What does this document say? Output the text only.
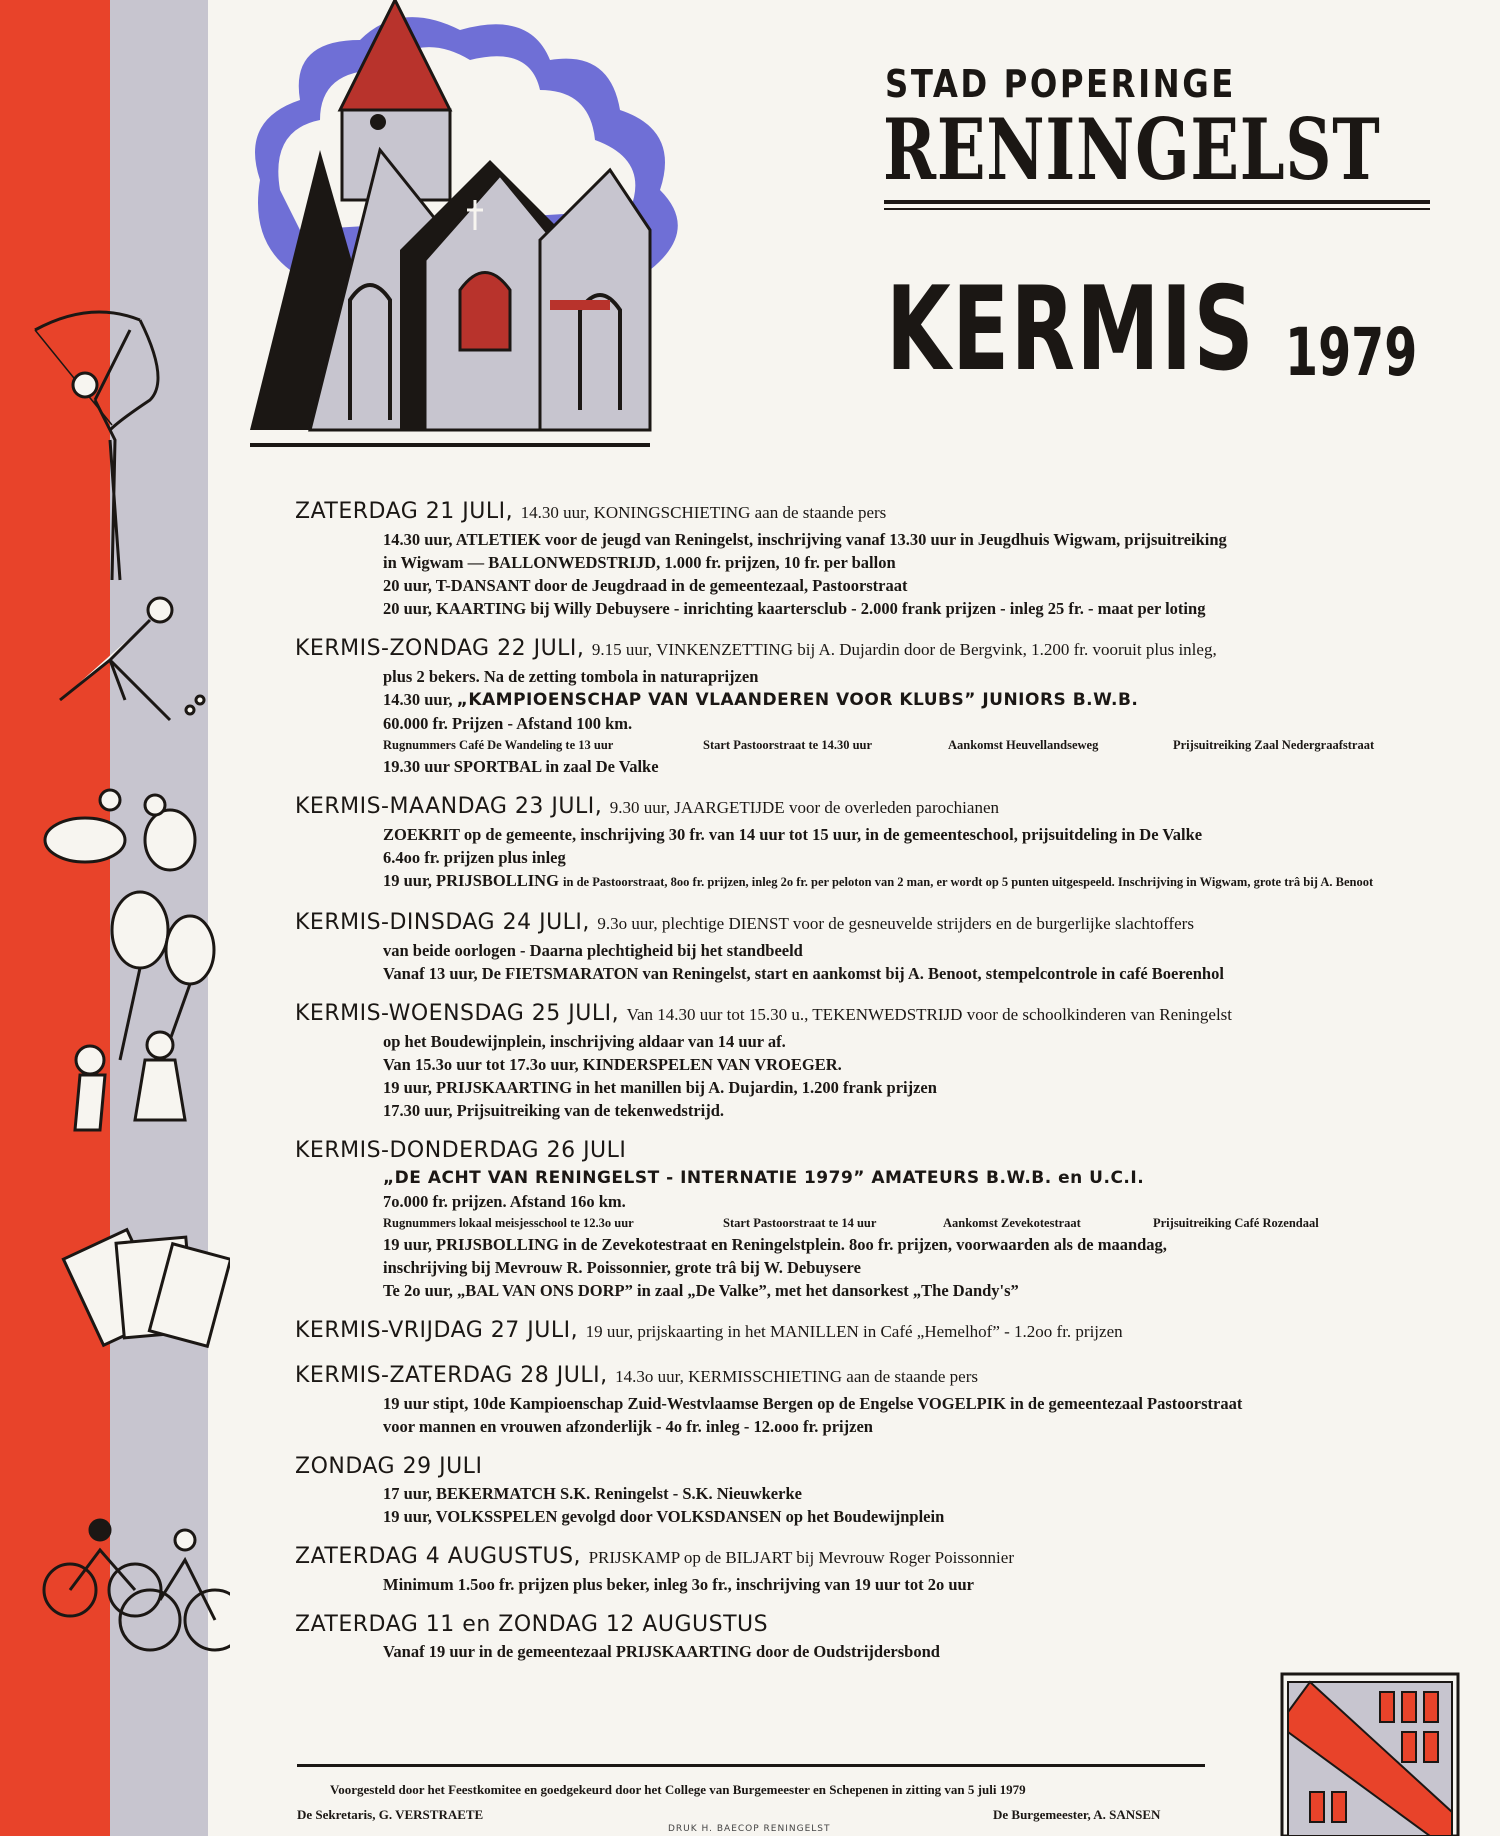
STAD POPERINGE
RENINGELST
KERMIS 1979
ZATERDAG 21 JULI, 14.30 uur, KONINGSCHIETING aan de staande pers
14.30 uur, ATLETIEK voor de jeugd van Reningelst, inschrijving vanaf 13.30 uur in Jeugdhuis Wigwam, prijsuitreiking
in Wigwam — BALLONWEDSTRIJD, 1.000 fr. prijzen, 10 fr. per ballon
20 uur, T-DANSANT door de Jeugdraad in de gemeentezaal, Pastoorstraat
20 uur, KAARTING bij Willy Debuysere - inrichting kaartersclub - 2.000 frank prijzen - inleg 25 fr. - maat per loting
KERMIS-ZONDAG 22 JULI, 9.15 uur, VINKENZETTING bij A. Dujardin door de Bergvink, 1.200 fr. vooruit plus inleg,
plus 2 bekers. Na de zetting tombola in naturaprijzen
14.30 uur, „KAMPIOENSCHAP VAN VLAANDEREN VOOR KLUBS” JUNIORS B.W.B.
60.000 fr. Prijzen - Afstand 100 km.
Rugnummers Café De Wandeling te 13 uur	Start Pastoorstraat te 14.30 uur	Aankomst Heuvellandseweg	Prijsuitreiking Zaal Nedergraafstraat
19.30 uur SPORTBAL in zaal De Valke
KERMIS-MAANDAG 23 JULI, 9.30 uur, JAARGETIJDE voor de overleden parochianen
ZOEKRIT op de gemeente, inschrijving 30 fr. van 14 uur tot 15 uur, in de gemeenteschool, prijsuitdeling in De Valke
6.4oo fr. prijzen plus inleg
19 uur, PRIJSBOLLING in de Pastoorstraat, 8oo fr. prijzen, inleg 2o fr. per peloton van 2 man, er wordt op 5 punten uitgespeeld. Inschrijving in Wigwam, grote trâ bij A. Benoot
KERMIS-DINSDAG 24 JULI, 9.3o uur, plechtige DIENST voor de gesneuvelde strijders en de burgerlijke slachtoffers
van beide oorlogen - Daarna plechtigheid bij het standbeeld
Vanaf 13 uur, De FIETSMARATON van Reningelst, start en aankomst bij A. Benoot, stempelcontrole in café Boerenhol
KERMIS-WOENSDAG 25 JULI, Van 14.30 uur tot 15.30 u., TEKENWEDSTRIJD voor de schoolkinderen van Reningelst
op het Boudewijnplein, inschrijving aldaar van 14 uur af.
Van 15.3o uur tot 17.3o uur, KINDERSPELEN VAN VROEGER.
19 uur, PRIJSKAARTING in het manillen bij A. Dujardin, 1.200 frank prijzen
17.30 uur, Prijsuitreiking van de tekenwedstrijd.
KERMIS-DONDERDAG 26 JULI
„DE ACHT VAN RENINGELST - INTERNATIE 1979” AMATEURS B.W.B. en U.C.I.
7o.000 fr. prijzen. Afstand 16o km.
Rugnummers lokaal meisjesschool te 12.3o uur	Start Pastoorstraat te 14 uur	Aankomst Zevekotestraat	Prijsuitreiking Café Rozendaal
19 uur, PRIJSBOLLING in de Zevekotestraat en Reningelstplein. 8oo fr. prijzen, voorwaarden als de maandag,
inschrijving bij Mevrouw R. Poissonnier, grote trâ bij W. Debuysere
Te 2o uur, „BAL VAN ONS DORP” in zaal „De Valke”, met het dansorkest „The Dandy's”
KERMIS-VRIJDAG 27 JULI, 19 uur, prijskaarting in het MANILLEN in Café „Hemelhof” - 1.2oo fr. prijzen
KERMIS-ZATERDAG 28 JULI, 14.3o uur, KERMISSCHIETING aan de staande pers
19 uur stipt, 10de Kampioenschap Zuid-Westvlaamse Bergen op de Engelse VOGELPIK in de gemeentezaal Pastoorstraat
voor mannen en vrouwen afzonderlijk - 4o fr. inleg - 12.ooo fr. prijzen
ZONDAG 29 JULI
17 uur, BEKERMATCH S.K. Reningelst - S.K. Nieuwkerke
19 uur, VOLKSSPELEN gevolgd door VOLKSDANSEN op het Boudewijnplein
ZATERDAG 4 AUGUSTUS, PRIJSKAMP op de BILJART bij Mevrouw Roger Poissonnier
Minimum 1.5oo fr. prijzen plus beker, inleg 3o fr., inschrijving van 19 uur tot 2o uur
ZATERDAG 11 en ZONDAG 12 AUGUSTUS
Vanaf 19 uur in de gemeentezaal PRIJSKAARTING door de Oudstrijdersbond
Voorgesteld door het Feestkomitee en goedgekeurd door het College van Burgemeester en Schepenen in zitting van 5 juli 1979
De Sekretaris, G. VERSTRAETE	De Burgemeester, A. SANSEN
DRUK H. BAECOP RENINGELST
